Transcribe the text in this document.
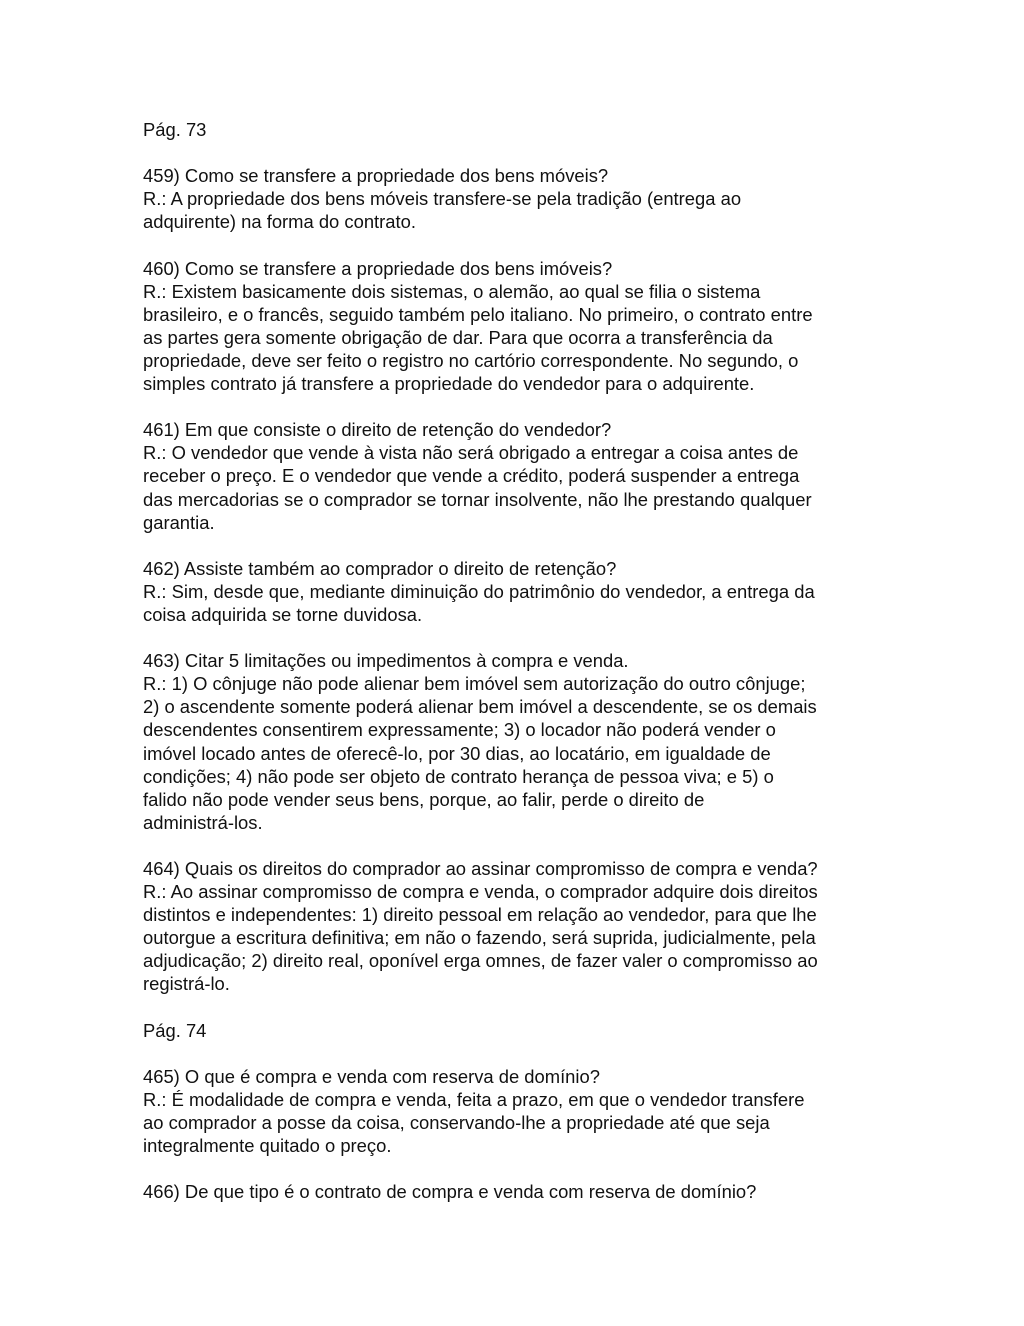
Pág. 73
459) Como se transfere a propriedade dos bens móveis?
R.: A propriedade dos bens móveis transfere-se pela tradição (entrega ao
adquirente) na forma do contrato.
460) Como se transfere a propriedade dos bens imóveis?
R.: Existem basicamente dois sistemas, o alemão, ao qual se filia o sistema
brasileiro, e o francês, seguido também pelo italiano. No primeiro, o contrato entre
as partes gera somente obrigação de dar. Para que ocorra a transferência da
propriedade, deve ser feito o registro no cartório correspondente. No segundo, o
simples contrato já transfere a propriedade do vendedor para o adquirente.
461) Em que consiste o direito de retenção do vendedor?
R.: O vendedor que vende à vista não será obrigado a entregar a coisa antes de
receber o preço. E o vendedor que vende a crédito, poderá suspender a entrega
das mercadorias se o comprador se tornar insolvente, não lhe prestando qualquer
garantia.
462) Assiste também ao comprador o direito de retenção?
R.: Sim, desde que, mediante diminuição do patrimônio do vendedor, a entrega da
coisa adquirida se torne duvidosa.
463) Citar 5 limitações ou impedimentos à compra e venda.
R.: 1) O cônjuge não pode alienar bem imóvel sem autorização do outro cônjuge;
2) o ascendente somente poderá alienar bem imóvel a descendente, se os demais
descendentes consentirem expressamente; 3) o locador não poderá vender o
imóvel locado antes de oferecê-lo, por 30 dias, ao locatário, em igualdade de
condições; 4) não pode ser objeto de contrato herança de pessoa viva; e 5) o
falido não pode vender seus bens, porque, ao falir, perde o direito de
administrá-los.
464) Quais os direitos do comprador ao assinar compromisso de compra e venda?
R.: Ao assinar compromisso de compra e venda, o comprador adquire dois direitos
distintos e independentes: 1) direito pessoal em relação ao vendedor, para que lhe
outorgue a escritura definitiva; em não o fazendo, será suprida, judicialmente, pela
adjudicação; 2) direito real, oponível erga omnes, de fazer valer o compromisso ao
registrá-lo.
Pág. 74
465) O que é compra e venda com reserva de domínio?
R.: É modalidade de compra e venda, feita a prazo, em que o vendedor transfere
ao comprador a posse da coisa, conservando-lhe a propriedade até que seja
integralmente quitado o preço.
466) De que tipo é o contrato de compra e venda com reserva de domínio?
